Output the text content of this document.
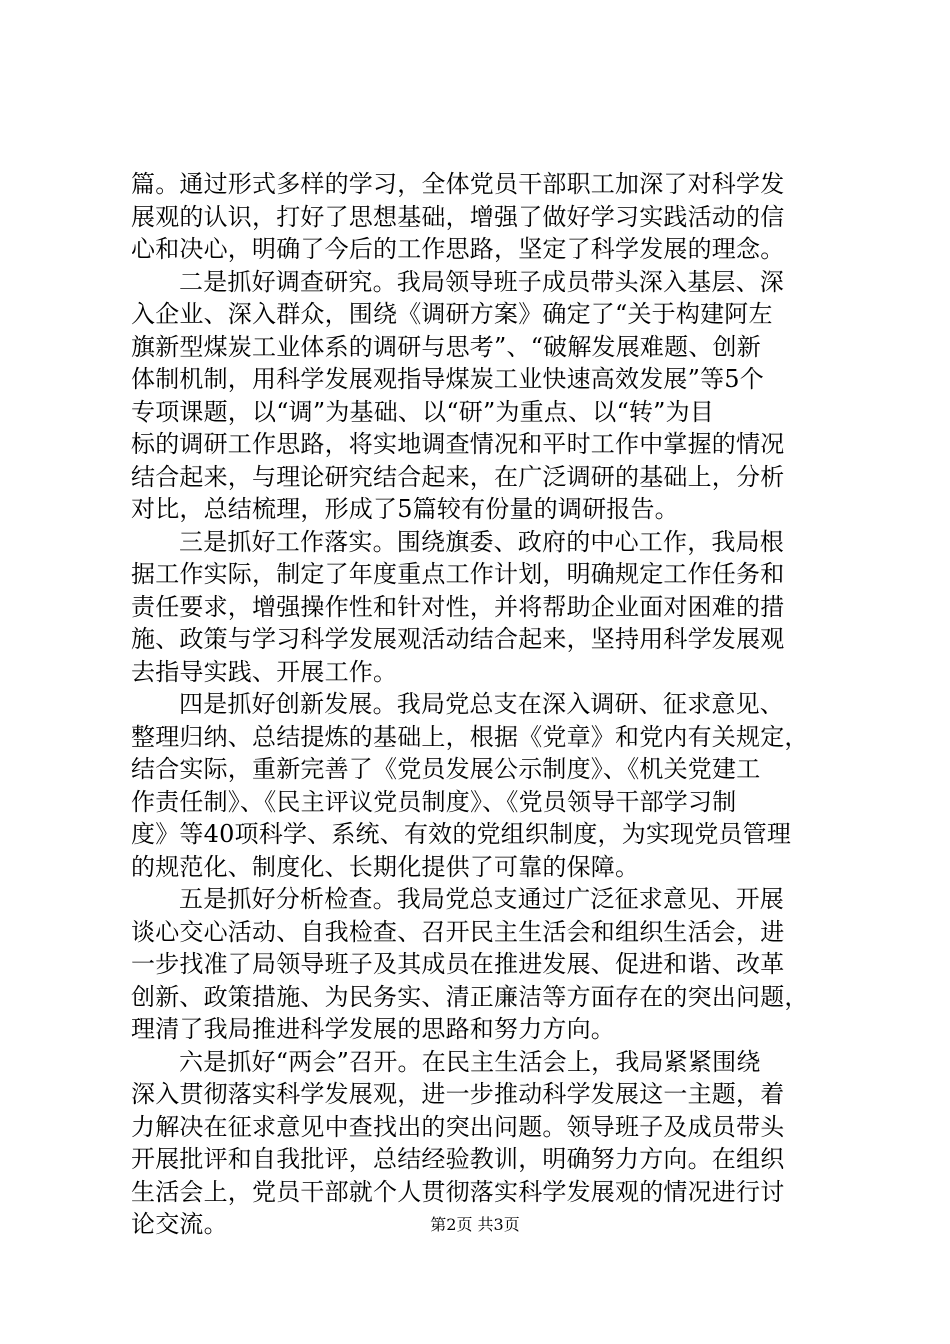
篇。通过形式多样的学习，全体党员干部职工加深了对科学发
展观的认识，打好了思想基础，增强了做好学习实践活动的信
心和决心，明确了今后的工作思路，坚定了科学发展的理念。
二是抓好调查研究。我局领导班子成员带头深入基层、深
入企业、深入群众，围绕《调研方案》确定了“关于构建阿左
旗新型煤炭工业体系的调研与思考”、“破解发展难题、创新
体制机制，用科学发展观指导煤炭工业快速高效发展”等5个
专项课题，以“调”为基础、以“研”为重点、以“转”为目
标的调研工作思路，将实地调查情况和平时工作中掌握的情况
结合起来，与理论研究结合起来，在广泛调研的基础上，分析
对比，总结梳理，形成了5篇较有份量的调研报告。
三是抓好工作落实。围绕旗委、政府的中心工作，我局根
据工作实际，制定了年度重点工作计划，明确规定工作任务和
责任要求，增强操作性和针对性，并将帮助企业面对困难的措
施、政策与学习科学发展观活动结合起来，坚持用科学发展观
去指导实践、开展工作。
四是抓好创新发展。我局党总支在深入调研、征求意见、
整理归纳、总结提炼的基础上，根据《党章》和党内有关规定，
结合实际，重新完善了《党员发展公示制度》、《机关党建工
作责任制》、《民主评议党员制度》、《党员领导干部学习制
度》等40项科学、系统、有效的党组织制度，为实现党员管理
的规范化、制度化、长期化提供了可靠的保障。
五是抓好分析检查。我局党总支通过广泛征求意见、开展
谈心交心活动、自我检查、召开民主生活会和组织生活会，进
一步找准了局领导班子及其成员在推进发展、促进和谐、改革
创新、政策措施、为民务实、清正廉洁等方面存在的突出问题，
理清了我局推进科学发展的思路和努力方向。
六是抓好“两会”召开。在民主生活会上，我局紧紧围绕
深入贯彻落实科学发展观，进一步推动科学发展这一主题，着
力解决在征求意见中查找出的突出问题。领导班子及成员带头
开展批评和自我批评，总结经验教训，明确努力方向。在组织
生活会上，党员干部就个人贯彻落实科学发展观的情况进行讨
论交流。	第2页 共3页
